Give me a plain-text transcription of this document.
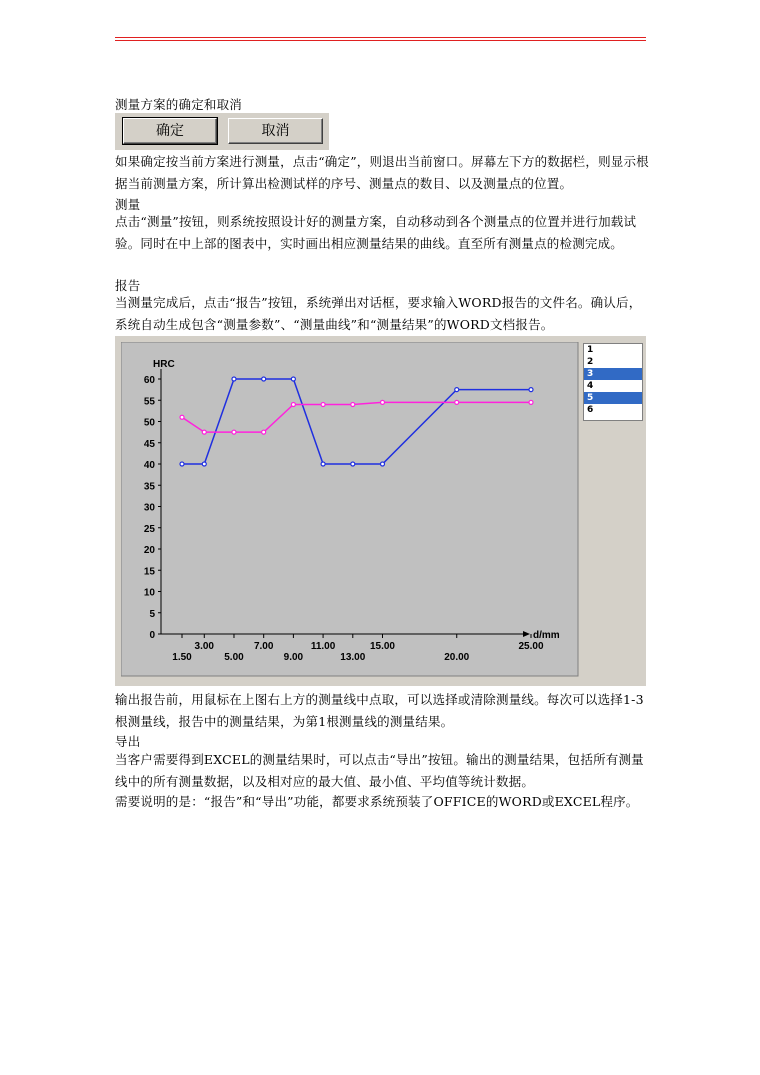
测量方案的确定和取消

确定	取消

如果确定按当前方案进行测量，点击“确定”，则退出当前窗口。屏幕左下方的数据栏，则显示根据当前测量方案，所计算出检测试样的序号、测量点的数目、以及测量点的位置。

测量

点击“测量”按钮，则系统按照设计好的测量方案，自动移动到各个测量点的位置并进行加载试验。同时在中上部的图表中，实时画出相应测量结果的曲线。直至所有测量点的检测完成。

报告

当测量完成后，点击“报告”按钮，系统弹出对话框，要求输入WORD报告的文件名。确认后，系统自动生成包含“测量参数”、“测量曲线”和“测量结果”的WORD文档报告。

HRC
d/mm
0
5
10
15
20
25
30
35
40
45
50
55
60
3.00	7.00	11.00	15.00	25.00
1.50	5.00	9.00	13.00	20.00
1
2
3
4
5
6

输出报告前，用鼠标在上图右上方的测量线中点取，可以选择或清除测量线。每次可以选择1-3根测量线，报告中的测量结果，为第1根测量线的测量结果。

导出

当客户需要得到EXCEL的测量结果时，可以点击“导出”按钮。输出的测量结果，包括所有测量线中的所有测量数据，以及相对应的最大值、最小值、平均值等统计数据。

需要说明的是：“报告”和“导出”功能，都要求系统预装了OFFICE的WORD或EXCEL程序。
